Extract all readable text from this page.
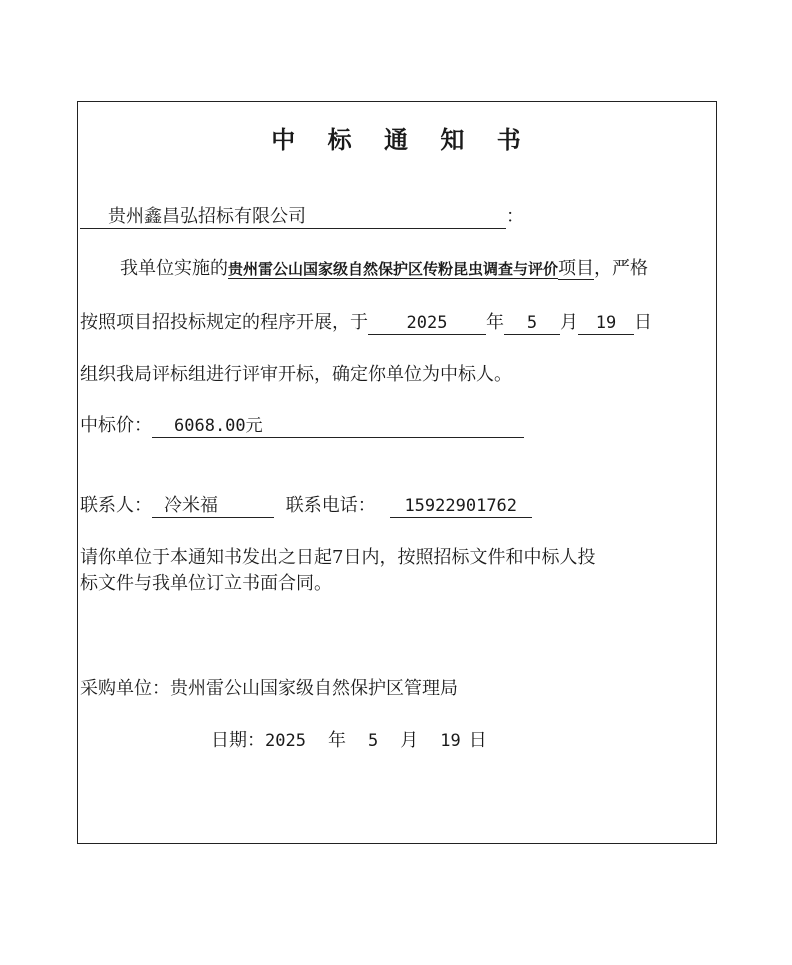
中 标 通 知 书
贵州鑫昌弘招标有限公司	：
我单位实施的贵州雷公山国家级自然保护区传粉昆虫调查与评价项目，严格
按照项目招投标规定的程序开展，于 2025 年 5 月 19 日
组织我局评标组进行评审开标，确定你单位为中标人。
中标价： 6068.00元
联系人： 冷米福	联系电话： 15922901762
请你单位于本通知书发出之日起7日内，按照招标文件和中标人投
标文件与我单位订立书面合同。
采购单位：贵州雷公山国家级自然保护区管理局
日期：2025 年 5 月 19 日
